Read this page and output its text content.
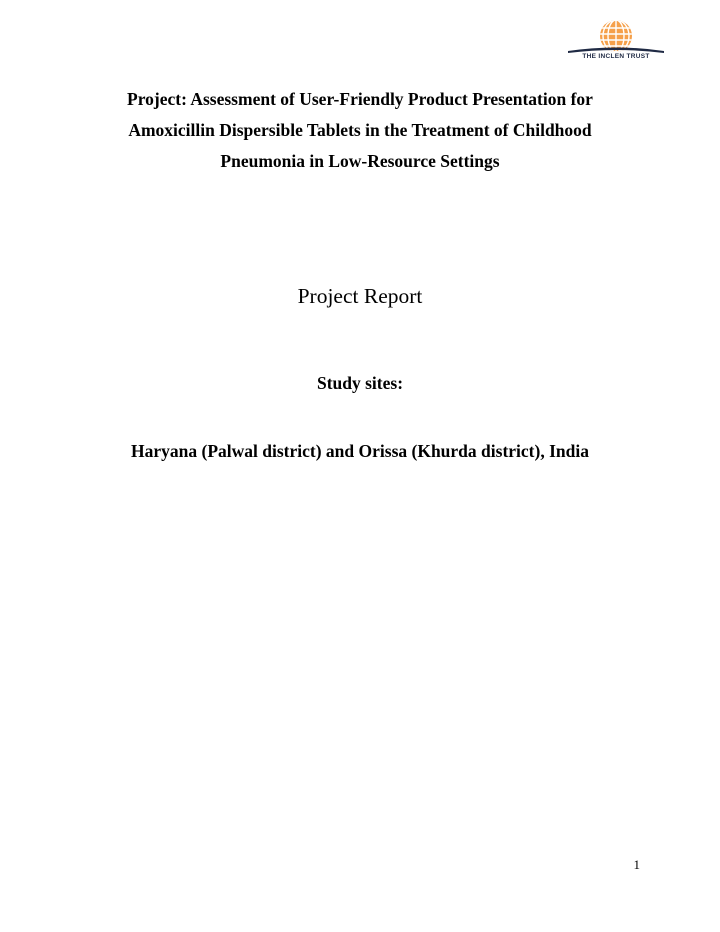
THE INCLEN TRUST
Project: Assessment of User-Friendly Product Presentation for
Amoxicillin Dispersible Tablets in the Treatment of Childhood
Pneumonia in Low-Resource Settings
Project Report
Study sites:
Haryana (Palwal district) and Orissa (Khurda district), India
1
